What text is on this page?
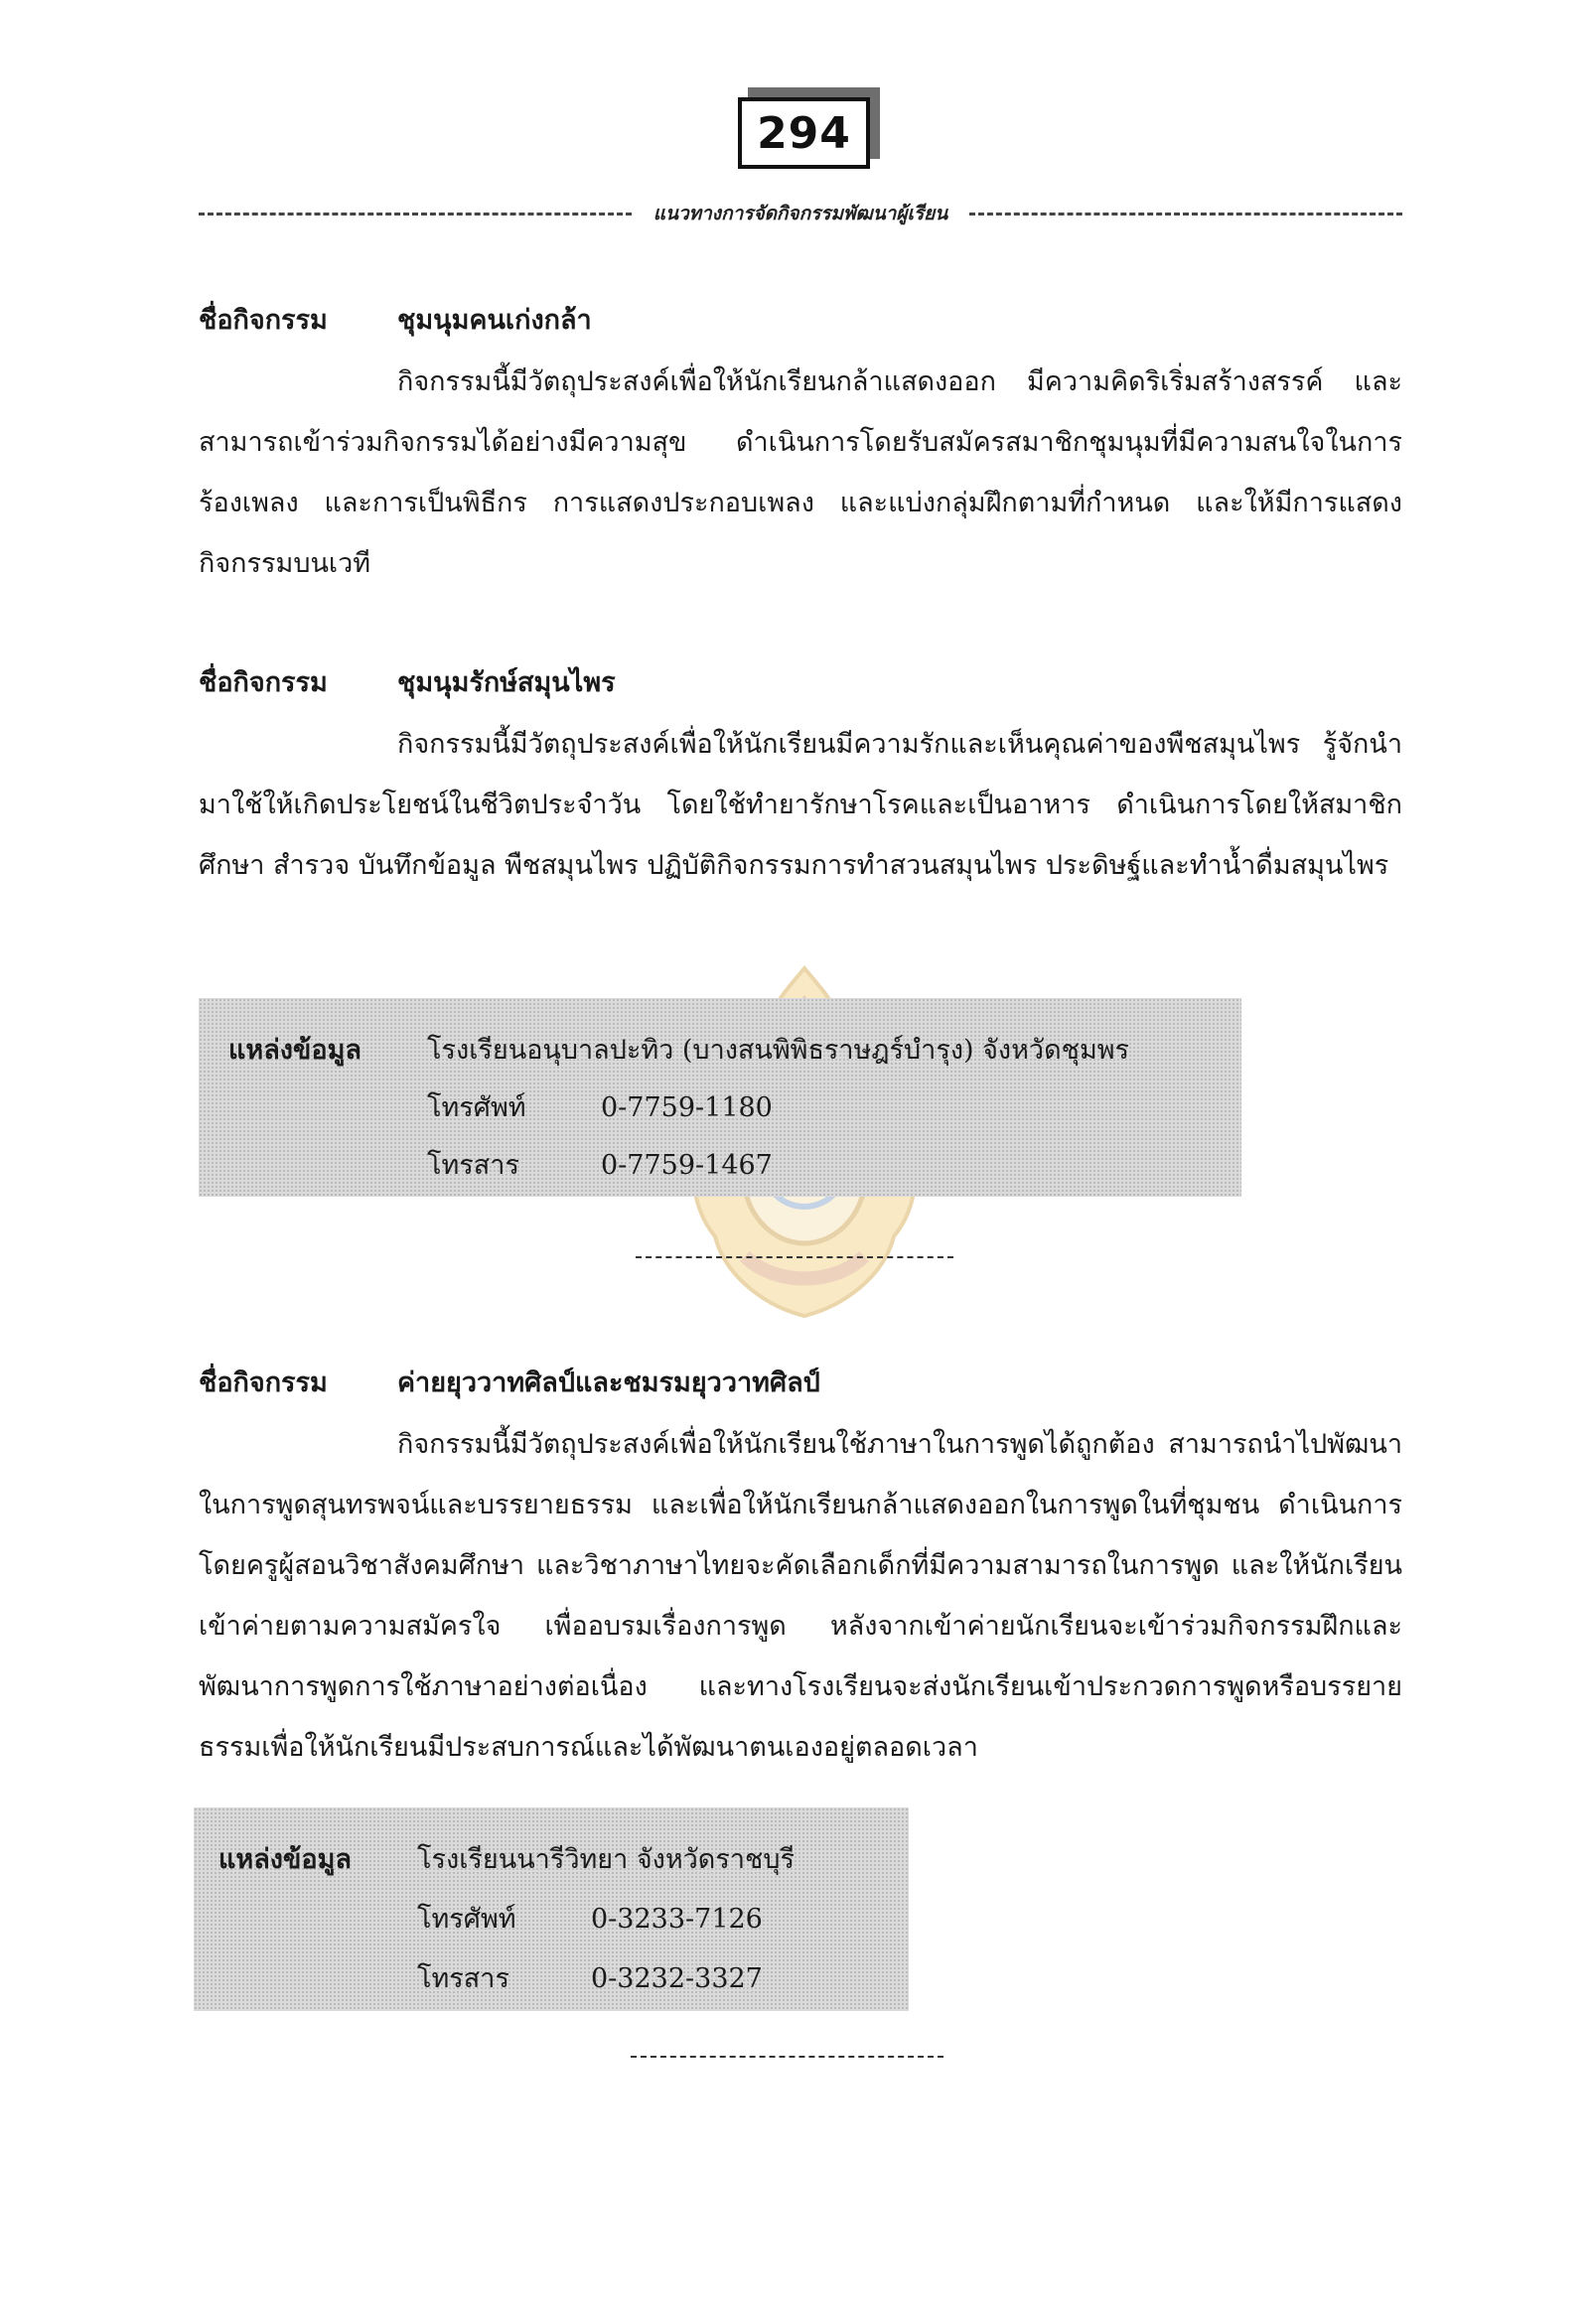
294
แนวทางการจัดกิจกรรมพัฒนาผู้เรียน
ชื่อกิจกรรม	ชุมนุมคนเก่งกล้า

กิจกรรมนี้มีวัตถุประสงค์เพื่อให้นักเรียนกล้าแสดงออก มีความคิดริเริ่มสร้างสรรค์ และสามารถเข้าร่วมกิจกรรมได้อย่างมีความสุข ดำเนินการโดยรับสมัครสมาชิกชุมนุมที่มีความสนใจในการร้องเพลง และการเป็นพิธีกร การแสดงประกอบเพลง และแบ่งกลุ่มฝึกตามที่กำหนด และให้มีการแสดงกิจกรรมบนเวที

ชื่อกิจกรรม	ชุมนุมรักษ์สมุนไพร

กิจกรรมนี้มีวัตถุประสงค์เพื่อให้นักเรียนมีความรักและเห็นคุณค่าของพืชสมุนไพร รู้จักนำมาใช้ให้เกิดประโยชน์ในชีวิตประจำวัน โดยใช้ทำยารักษาโรคและเป็นอาหาร ดำเนินการโดยให้สมาชิกศึกษา สำรวจ บันทึกข้อมูล พืชสมุนไพร ปฏิบัติกิจกรรมการทำสวนสมุนไพร ประดิษฐ์และทำน้ำดื่มสมุนไพร

แหล่งข้อมูล	โรงเรียนอนุบาลปะทิว (บางสนพิพิธราษฎร์บำรุง) จังหวัดชุมพร
โทรศัพท์	0-7759-1180
โทรสาร	0-7759-1467
ชื่อกิจกรรม	ค่ายยุววาทศิลป์และชมรมยุววาทศิลป์

กิจกรรมนี้มีวัตถุประสงค์เพื่อให้นักเรียนใช้ภาษาในการพูดได้ถูกต้อง สามารถนำไปพัฒนาในการพูดสุนทรพจน์และบรรยายธรรม และเพื่อให้นักเรียนกล้าแสดงออกในการพูดในที่ชุมชน ดำเนินการโดยครูผู้สอนวิชาสังคมศึกษา และวิชาภาษาไทยจะคัดเลือกเด็กที่มีความสามารถในการพูด และให้นักเรียนเข้าค่ายตามความสมัครใจ เพื่ออบรมเรื่องการพูด หลังจากเข้าค่ายนักเรียนจะเข้าร่วมกิจกรรมฝึกและพัฒนาการพูดการใช้ภาษาอย่างต่อเนื่อง และทางโรงเรียนจะส่งนักเรียนเข้าประกวดการพูดหรือบรรยายธรรมเพื่อให้นักเรียนมีประสบการณ์และได้พัฒนาตนเองอยู่ตลอดเวลา

แหล่งข้อมูล	โรงเรียนนารีวิทยา จังหวัดราชบุรี
โทรศัพท์	0-3233-7126
โทรสาร	0-3232-3327
